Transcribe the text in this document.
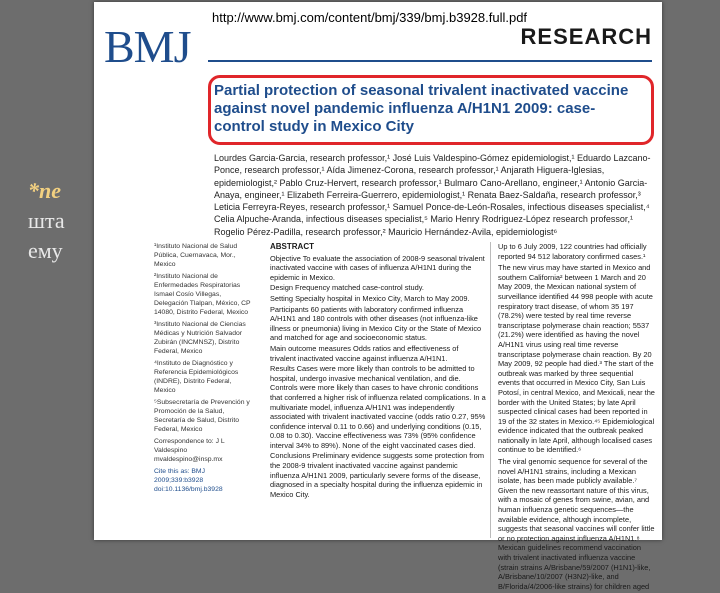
*пе
шта
ему
BMJ
http://www.bmj.com/content/bmj/339/bmj.b3928.full.pdf
RESEARCH
Partial protection of seasonal trivalent inactivated vaccine against novel pandemic influenza A/H1N1 2009: case-control study in Mexico City
Lourdes Garcia-Garcia, research professor,¹ José Luis Valdespino-Gómez epidemiologist,¹ Eduardo Lazcano-Ponce, research professor,¹ Aída Jimenez-Corona, research professor,¹ Anjarath Higuera-Iglesias, epidemiologist,² Pablo Cruz-Hervert, research professor,¹ Bulmaro Cano-Arellano, engineer,¹ Antonio Garcia-Anaya, engineer,¹ Elizabeth Ferreira-Guerrero, epidemiologist,¹ Renata Baez-Saldaña, research professor,³ Leticia Ferreyra-Reyes, research professor,¹ Samuel Ponce-de-León-Rosales, infectious diseases specialist,⁴ Celia Alpuche-Aranda, infectious diseases specialist,⁵ Mario Henry Rodriguez-López research professor,¹ Rogelio Pérez-Padilla, research professor,² Mauricio Hernández-Avila, epidemiologist⁶

¹Instituto Nacional de Salud Pública, Cuernavaca, Mor., Mexico

²Instituto Nacional de Enfermedades Respiratorias Ismael Cosío Villegas, Delegación Tlalpan, México, CP 14080, Distrito Federal, Mexico

³Instituto Nacional de Ciencias Médicas y Nutrición Salvador Zubirán (INCMNSZ), Distrito Federal, Mexico

⁴Instituto de Diagnóstico y Referencia Epidemiológicos (INDRE), Distrito Federal, Mexico

⁵Subsecretaría de Prevención y Promoción de la Salud, Secretaría de Salud, Distrito Federal, Mexico

Correspondence to: J L Valdespino mvaldespino@insp.mx

Cite this as: BMJ 2009;339:b3928 doi:10.1136/bmj.b3928

ABSTRACT

Objective To evaluate the association of 2008-9 seasonal trivalent inactivated vaccine with cases of influenza A/H1N1 during the epidemic in Mexico.

Design Frequency matched case-control study.

Setting Specialty hospital in Mexico City, March to May 2009.

Participants 60 patients with laboratory confirmed influenza A/H1N1 and 180 controls with other diseases (not influenza-like illness or pneumonia) living in Mexico City or the State of Mexico and matched for age and socioeconomic status.

Main outcome measures Odds ratios and effectiveness of trivalent inactivated vaccine against influenza A/H1N1.

Results Cases were more likely than controls to be admitted to hospital, undergo invasive mechanical ventilation, and die. Controls were more likely than cases to have chronic conditions that conferred a higher risk of influenza related complications. In a multivariate model, influenza A/H1N1 was independently associated with trivalent inactivated vaccine (odds ratio 0.27, 95% confidence interval 0.11 to 0.66) and underlying conditions (0.15, 0.08 to 0.30). Vaccine effectiveness was 73% (95% confidence interval 34% to 89%). None of the eight vaccinated cases died.

Conclusions Preliminary evidence suggests some protection from the 2008-9 trivalent inactivated vaccine against pandemic influenza A/H1N1 2009, particularly severe forms of the disease, diagnosed in a specialty hospital during the influenza epidemic in Mexico City.

Up to 6 July 2009, 122 countries had officially reported 94 512 laboratory confirmed cases.¹

The new virus may have started in Mexico and southern California² between 1 March and 20 May 2009, the Mexican national system of surveillance identified 44 998 people with acute respiratory tract disease, of whom 35 197 (78.2%) were tested by real time reverse transcriptase polymerase chain reaction; 5537 (21.2%) were identified as having the novel A/H1N1 virus using real time reverse transcriptase polymerase chain reaction. By 20 May 2009, 92 people had died.³ The start of the outbreak was marked by three sequential events that occurred in Mexico City, San Luis Potosí, in central Mexico, and Mexicali, near the border with the United States; by late April suspected clinical cases had been reported in 19 of the 32 states in Mexico.⁴⁵ Epidemiological evidence indicated that the outbreak peaked nationally in late April, although localised cases continue to be identified.⁶

The viral genomic sequence for several of the novel A/H1N1 strains, including a Mexican isolate, has been made publicly available.⁷ Given the new reassortant nature of this virus, with a mosaic of genes from swine, avian, and human influenza genetic sequences—the available evidence, although incomplete, suggests that seasonal vaccines will confer little or no protection against influenza A/H1N1.⁸ Mexican guidelines recommend vaccination with trivalent inactivated influenza vaccine (strain strains A/Brisbane/59/2007 (H1N1)-like, A/Brisbane/10/2007 (H3N2)-like, and B/Florida/4/2006-like strains) for children aged
